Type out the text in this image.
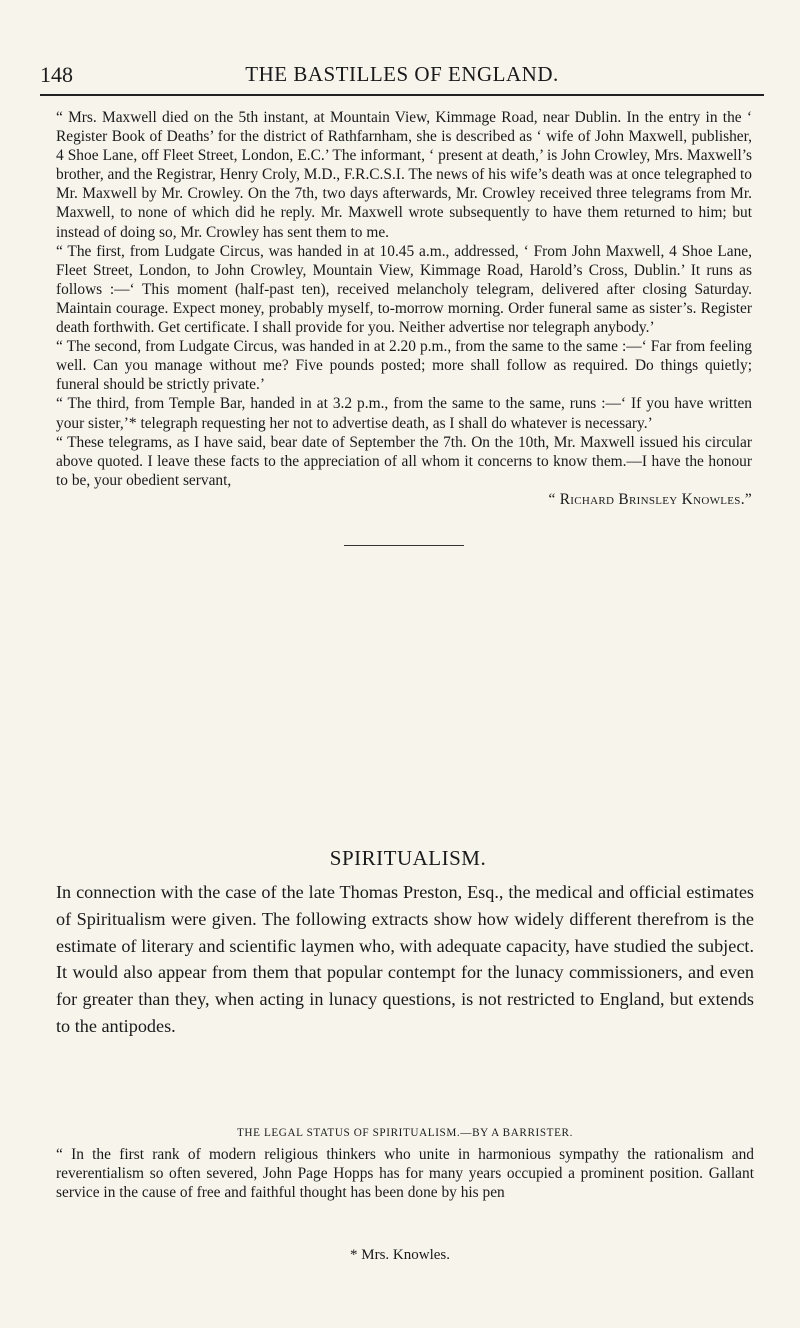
148	THE BASTILLES OF ENGLAND.

“ Mrs. Maxwell died on the 5th instant, at Mountain View, Kimmage Road, near Dublin. In the entry in the ‘ Register Book of Deaths’ for the district of Rathfarnham, she is described as ‘ wife of John Maxwell, publisher, 4 Shoe Lane, off Fleet Street, London, E.C.’ The informant, ‘ present at death,’ is John Crowley, Mrs. Maxwell’s brother, and the Registrar, Henry Croly, M.D., F.R.C.S.I. The news of his wife’s death was at once telegraphed to Mr. Maxwell by Mr. Crowley. On the 7th, two days afterwards, Mr. Crowley received three telegrams from Mr. Maxwell, to none of which did he reply. Mr. Maxwell wrote subsequently to have them returned to him; but instead of doing so, Mr. Crowley has sent them to me.

“ The first, from Ludgate Circus, was handed in at 10.45 a.m., addressed, ‘ From John Maxwell, 4 Shoe Lane, Fleet Street, London, to John Crowley, Mountain View, Kimmage Road, Harold’s Cross, Dublin.’ It runs as follows :—‘ This moment (half-past ten), received melancholy telegram, delivered after closing Saturday. Maintain courage. Expect money, probably myself, to-morrow morning. Order funeral same as sister’s. Register death forthwith. Get certificate. I shall provide for you. Neither advertise nor telegraph anybody.’

“ The second, from Ludgate Circus, was handed in at 2.20 p.m., from the same to the same :—‘ Far from feeling well. Can you manage without me? Five pounds posted; more shall follow as required. Do things quietly; funeral should be strictly private.’

“ The third, from Temple Bar, handed in at 3.2 p.m., from the same to the same, runs :—‘ If you have written your sister,’* telegraph requesting her not to advertise death, as I shall do whatever is necessary.’

“ These telegrams, as I have said, bear date of September the 7th. On the 10th, Mr. Maxwell issued his circular above quoted. I leave these facts to the appreciation of all whom it concerns to know them.—I have the honour to be, your obedient servant,

“ Richard Brinsley Knowles.”

SPIRITUALISM.

In connection with the case of the late Thomas Preston, Esq., the medical and official estimates of Spiritualism were given. The following extracts show how widely different therefrom is the estimate of literary and scientific laymen who, with adequate capacity, have studied the subject. It would also appear from them that popular contempt for the lunacy commissioners, and even for greater than they, when acting in lunacy questions, is not restricted to England, but extends to the antipodes.

THE LEGAL STATUS OF SPIRITUALISM.—BY A BARRISTER.
“ In the first rank of modern religious thinkers who unite in harmonious sympathy the rationalism and reverentialism so often severed, John Page Hopps has for many years occupied a prominent position. Gallant service in the cause of free and faithful thought has been done by his pen
* Mrs. Knowles.
